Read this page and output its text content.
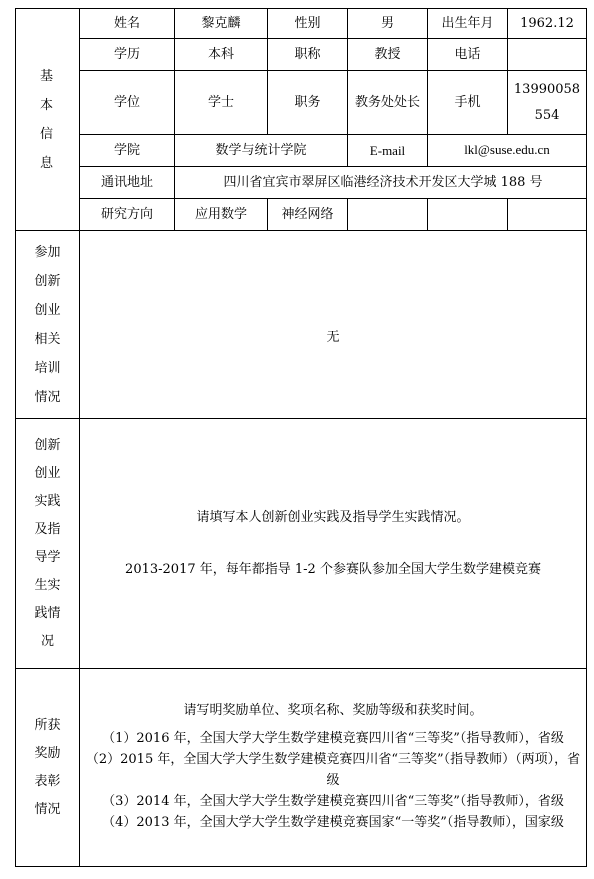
基本信息	姓名	黎克麟	性别	男	出生年月	1962.12
	学历	本科	职称	教授	电话	
	学位	学士	职务	教务处处长	手机	13990058554

	学院	数学与统计学院		E-mail	lkl@suse.edu.cn	
	通讯地址	四川省宜宾市翠屏区临港经济技术开发区大学城 188 号				
	研究方向	应用数学	神经网络			

参加创新创业相关培训情况	无					

创新创业实践及指导学生实践情况	请填写本人创新创业实践及指导学生实践情况。
2013-2017 年，每年都指导 1-2 个参赛队参加全国大学生数学建模竞赛					

所获奖励表彰情况	请写明奖励单位、奖项名称、奖励等级和获奖时间。
（1）2016 年，全国大学大学生数学建模竞赛四川省“三等奖”（指导教师），省级
（2）2015 年，全国大学大学生数学建模竞赛四川省“三等奖”（指导教师）（两项），省级
（3）2014 年，全国大学大学生数学建模竞赛四川省“三等奖”（指导教师），省级
（4）2013 年，全国大学大学生数学建模竞赛国家“一等奖”（指导教师），国家级					
